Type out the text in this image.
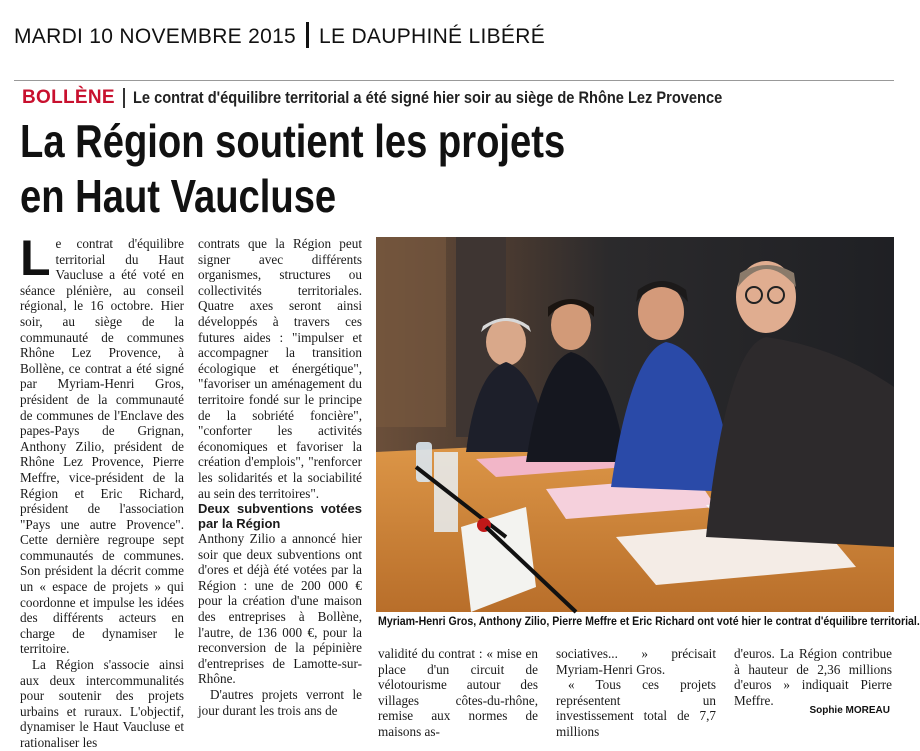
MARDI 10 NOVEMBRE 2015 LE DAUPHINÉ LIBÉRÉ
BOLLÈNE Le contrat d'équilibre territorial a été signé hier soir au siège de Rhône Lez Provence
La Région soutient les projets
en Haut Vaucluse

Le contrat d'équilibre territorial du Haut Vaucluse a été voté en séance plénière, au conseil régional, le 16 octobre. Hier soir, au siège de la communauté de communes Rhône Lez Provence, à Bollène, ce contrat a été signé par Myriam-Henri Gros, président de la communauté de communes de l'Enclave des papes-Pays de Grignan, Anthony Zilio, président de Rhône Lez Provence, Pierre Meffre, vice-président de la Région et Eric Richard, président de l'association "Pays une autre Provence". Cette dernière regroupe sept communautés de communes. Son président la décrit comme un « espace de projets » qui coordonne et impulse les idées des différents acteurs en charge de dynamiser le territoire.

La Région s'associe ainsi aux deux intercommunalités pour soutenir des projets urbains et ruraux. L'objectif, dynamiser le Haut Vaucluse et rationaliser les

contrats que la Région peut signer avec différents organismes, structures ou collectivités territoriales. Quatre axes seront ainsi développés à travers ces futures aides : "impulser et accompagner la transition écologique et énergétique", "favoriser un aménagement du territoire fondé sur le principe de la sobriété foncière", "conforter les activités économiques et favoriser la création d'emplois", "renforcer les solidarités et la sociabilité au sein des territoires".

Deux subventions votées par la Région

Anthony Zilio a annoncé hier soir que deux subventions ont d'ores et déjà été votées par la Région : une de 200 000 € pour la création d'une maison des entreprises à Bollène, l'autre, de 136 000 €, pour la reconversion de la pépinière d'entreprises de Lamotte-sur-Rhône.

D'autres projets verront le jour durant les trois ans de

Myriam-Henri Gros, Anthony Zilio, Pierre Meffre et Eric Richard ont voté hier le contrat d'équilibre territorial.

validité du contrat : « mise en place d'un circuit de vélotourisme autour des villages côtes-du-rhône, remise aux normes de maisons as-

sociatives... » précisait Myriam-Henri Gros.

« Tous ces projets représentent un investissement total de 7,7 millions

d'euros. La Région contribue à hauteur de 2,36 millions d'euros » indiquait Pierre Meffre.

Sophie MOREAU
